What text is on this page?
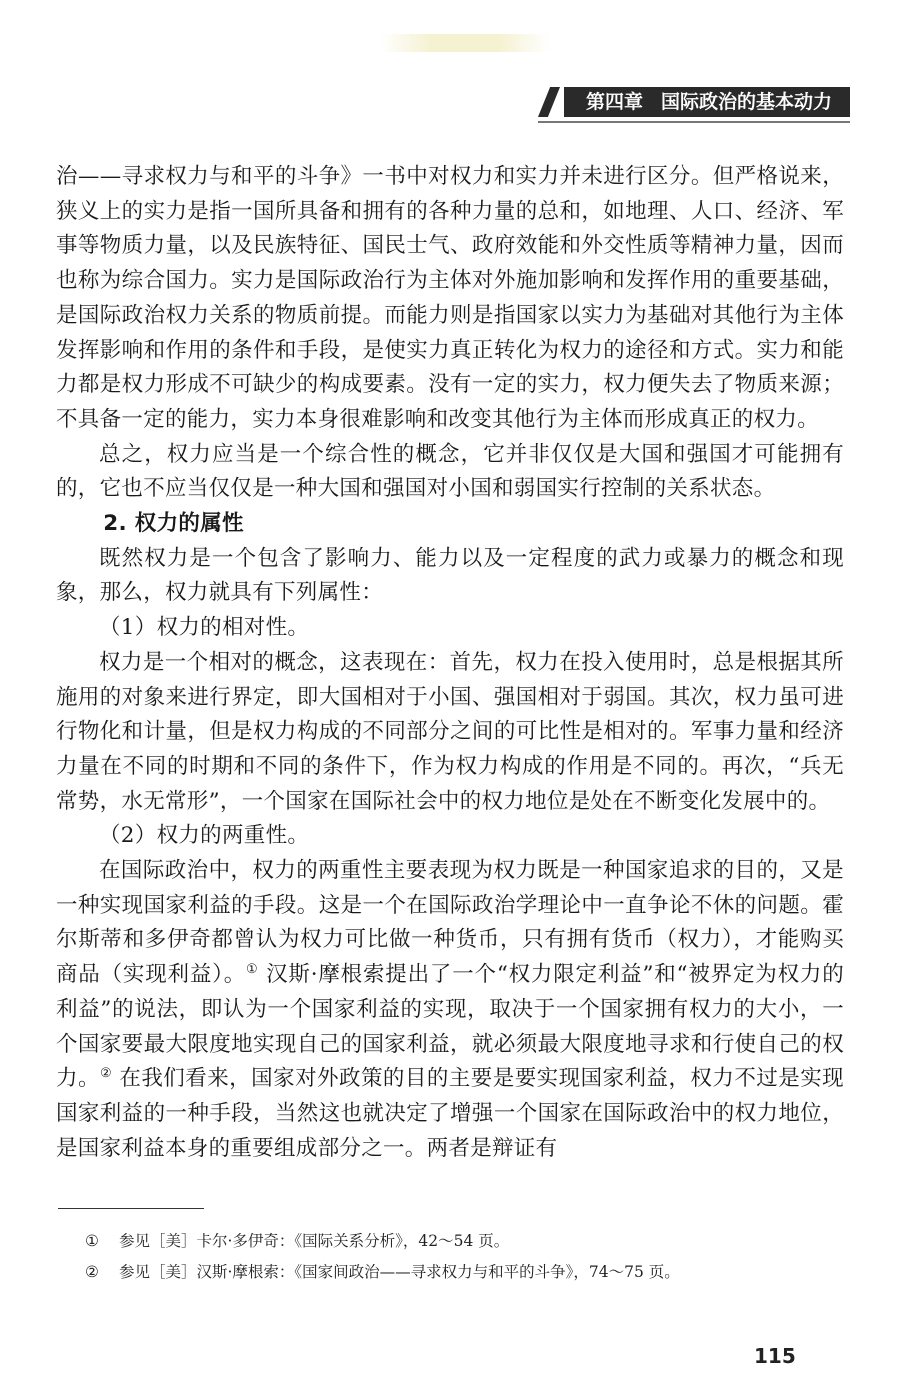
第四章 国际政治的基本动力

治——寻求权力与和平的斗争》一书中对权力和实力并未进行区分。但严格说来，狭义上的实力是指一国所具备和拥有的各种力量的总和，如地理、人口、经济、军事等物质力量，以及民族特征、国民士气、政府效能和外交性质等精神力量，因而也称为综合国力。实力是国际政治行为主体对外施加影响和发挥作用的重要基础，是国际政治权力关系的物质前提。而能力则是指国家以实力为基础对其他行为主体发挥影响和作用的条件和手段，是使实力真正转化为权力的途径和方式。实力和能力都是权力形成不可缺少的构成要素。没有一定的实力，权力便失去了物质来源；不具备一定的能力，实力本身很难影响和改变其他行为主体而形成真正的权力。

总之，权力应当是一个综合性的概念，它并非仅仅是大国和强国才可能拥有的，它也不应当仅仅是一种大国和强国对小国和弱国实行控制的关系状态。

2. 权力的属性

既然权力是一个包含了影响力、能力以及一定程度的武力或暴力的概念和现象，那么，权力就具有下列属性：

（1）权力的相对性。

权力是一个相对的概念，这表现在：首先，权力在投入使用时，总是根据其所施用的对象来进行界定，即大国相对于小国、强国相对于弱国。其次，权力虽可进行物化和计量，但是权力构成的不同部分之间的可比性是相对的。军事力量和经济力量在不同的时期和不同的条件下，作为权力构成的作用是不同的。再次，“兵无常势，水无常形”，一个国家在国际社会中的权力地位是处在不断变化发展中的。

（2）权力的两重性。

在国际政治中，权力的两重性主要表现为权力既是一种国家追求的目的，又是一种实现国家利益的手段。这是一个在国际政治学理论中一直争论不休的问题。霍尔斯蒂和多伊奇都曾认为权力可比做一种货币，只有拥有货币（权力），才能购买商品（实现利益）。① 汉斯·摩根索提出了一个“权力限定利益”和“被界定为权力的利益”的说法，即认为一个国家利益的实现，取决于一个国家拥有权力的大小，一个国家要最大限度地实现自己的国家利益，就必须最大限度地寻求和行使自己的权力。② 在我们看来，国家对外政策的目的主要是要实现国家利益，权力不过是实现国家利益的一种手段，当然这也就决定了增强一个国家在国际政治中的权力地位，是国家利益本身的重要组成部分之一。两者是辩证有

① 参见［美］卡尔·多伊奇：《国际关系分析》，42～54 页。
② 参见［美］汉斯·摩根索：《国家间政治——寻求权力与和平的斗争》，74～75 页。
115
